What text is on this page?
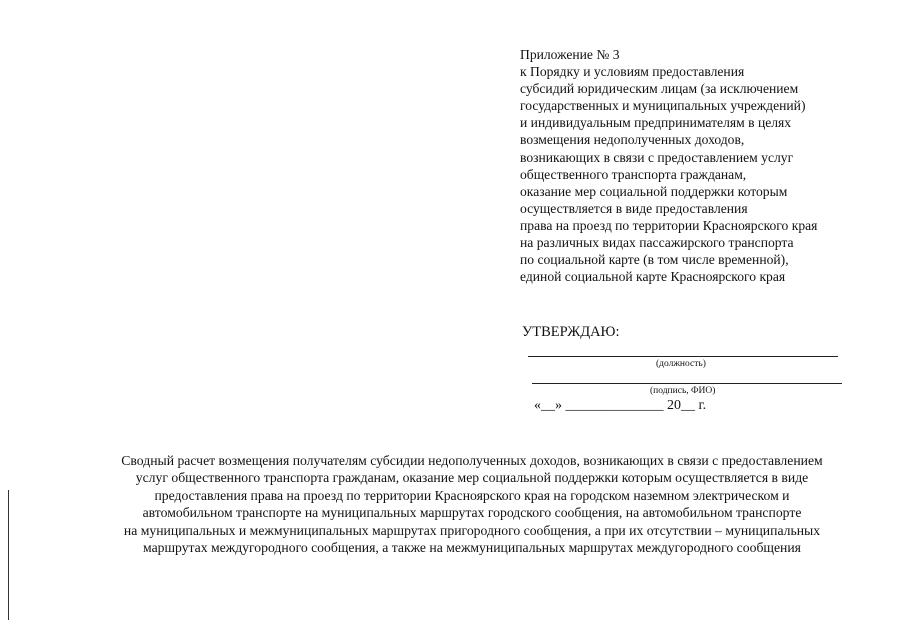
Приложение № 3
к Порядку и условиям предоставления
субсидий юридическим лицам (за исключением
государственных и муниципальных учреждений)
и индивидуальным предпринимателям в целях
возмещения недополученных доходов,
возникающих в связи с предоставлением услуг
общественного транспорта гражданам,
оказание мер социальной поддержки которым
осуществляется в виде предоставления
права на проезд по территории Красноярского края
на различных видах пассажирского транспорта
по социальной карте (в том числе временной),
единой социальной карте Красноярского края
УТВЕРЖДАЮ:
(должность)
(подпись, ФИО)
«__» ______________ 20__ г.
Сводный расчет возмещения получателям субсидии недополученных доходов, возникающих в связи с предоставлением
услуг общественного транспорта гражданам, оказание мер социальной поддержки которым осуществляется в виде
предоставления права на проезд по территории Красноярского края на городском наземном электрическом и
автомобильном транспорте на муниципальных маршрутах городского сообщения, на автомобильном транспорте
на муниципальных и межмуниципальных маршрутах пригородного сообщения, а при их отсутствии – муниципальных
маршрутах междугородного сообщения, а также на межмуниципальных маршрутах междугородного сообщения
